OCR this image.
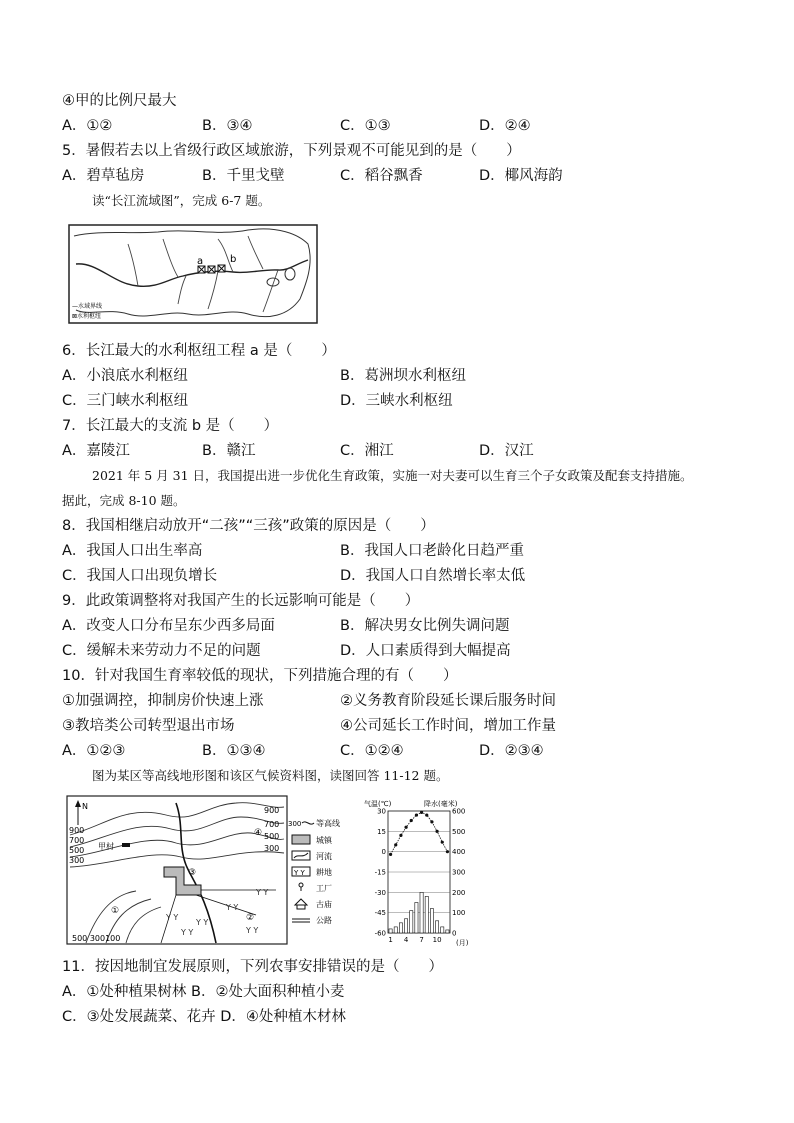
④甲的比例尺最大
A．①②	B．③④	C．①③	D．②④
5．暑假若去以上省级行政区域旅游，下列景观不可能见到的是（　　）
A．碧草毡房	B．千里戈壁	C．稻谷飘香	D．椰风海韵
读“长江流域图”，完成 6-7 题。
a	b
—水域界线
⊠水利枢纽
6．长江最大的水利枢纽工程 a 是（　　）
A．小浪底水利枢纽	B．葛洲坝水利枢纽
C．三门峡水利枢纽	D．三峡水利枢纽
7．长江最大的支流 b 是（　　）
A．嘉陵江	B．赣江	C．湘江	D．汉江
2021 年 5 月 31 日，我国提出进一步优化生育政策，实施一对夫妻可以生育三个子女政策及配套支持措施。
据此，完成 8-10 题。
8．我国相继启动放开“二孩”“三孩”政策的原因是（　　）
A．我国人口出生率高	B．我国人口老龄化日趋严重
C．我国人口出现负增长	D．我国人口自然增长率太低
9．此政策调整将对我国产生的长远影响可能是（　　）
A．改变人口分布呈东少西多局面	B．解决男女比例失调问题
C．缓解未来劳动力不足的问题	D．人口素质得到大幅提高
10．针对我国生育率较低的现状，下列措施合理的有（　　）
①加强调控，抑制房价快速上涨	②义务教育阶段延长课后服务时间
③教培类公司转型退出市场	④公司延长工作时间，增加工作量
A．①②③	B．①③④	C．①②④	D．②③④
图为某区等高线地形图和该区气候资料图，读图回答 11-12 题。
N
Y Y
Y Y
Y Y
Y Y
Y Y
Y Y
900
700
500
300
900
700
500
300
500 300100
甲村
①
②
③
④
300 等高线
城镇
河流
Y Y 耕地
工厂
古庙
公路
气温(℃)	降水(毫米)
30
15
0
-15
-30
-45
-60
600
500
400
300
200
100
0
1 4 7 10 (月)
11．按因地制宜发展原则，下列农事安排错误的是（　　）
A．①处种植果树林 B．②处大面积种植小麦
C．③处发展蔬菜、花卉 D．④处种植木材林
